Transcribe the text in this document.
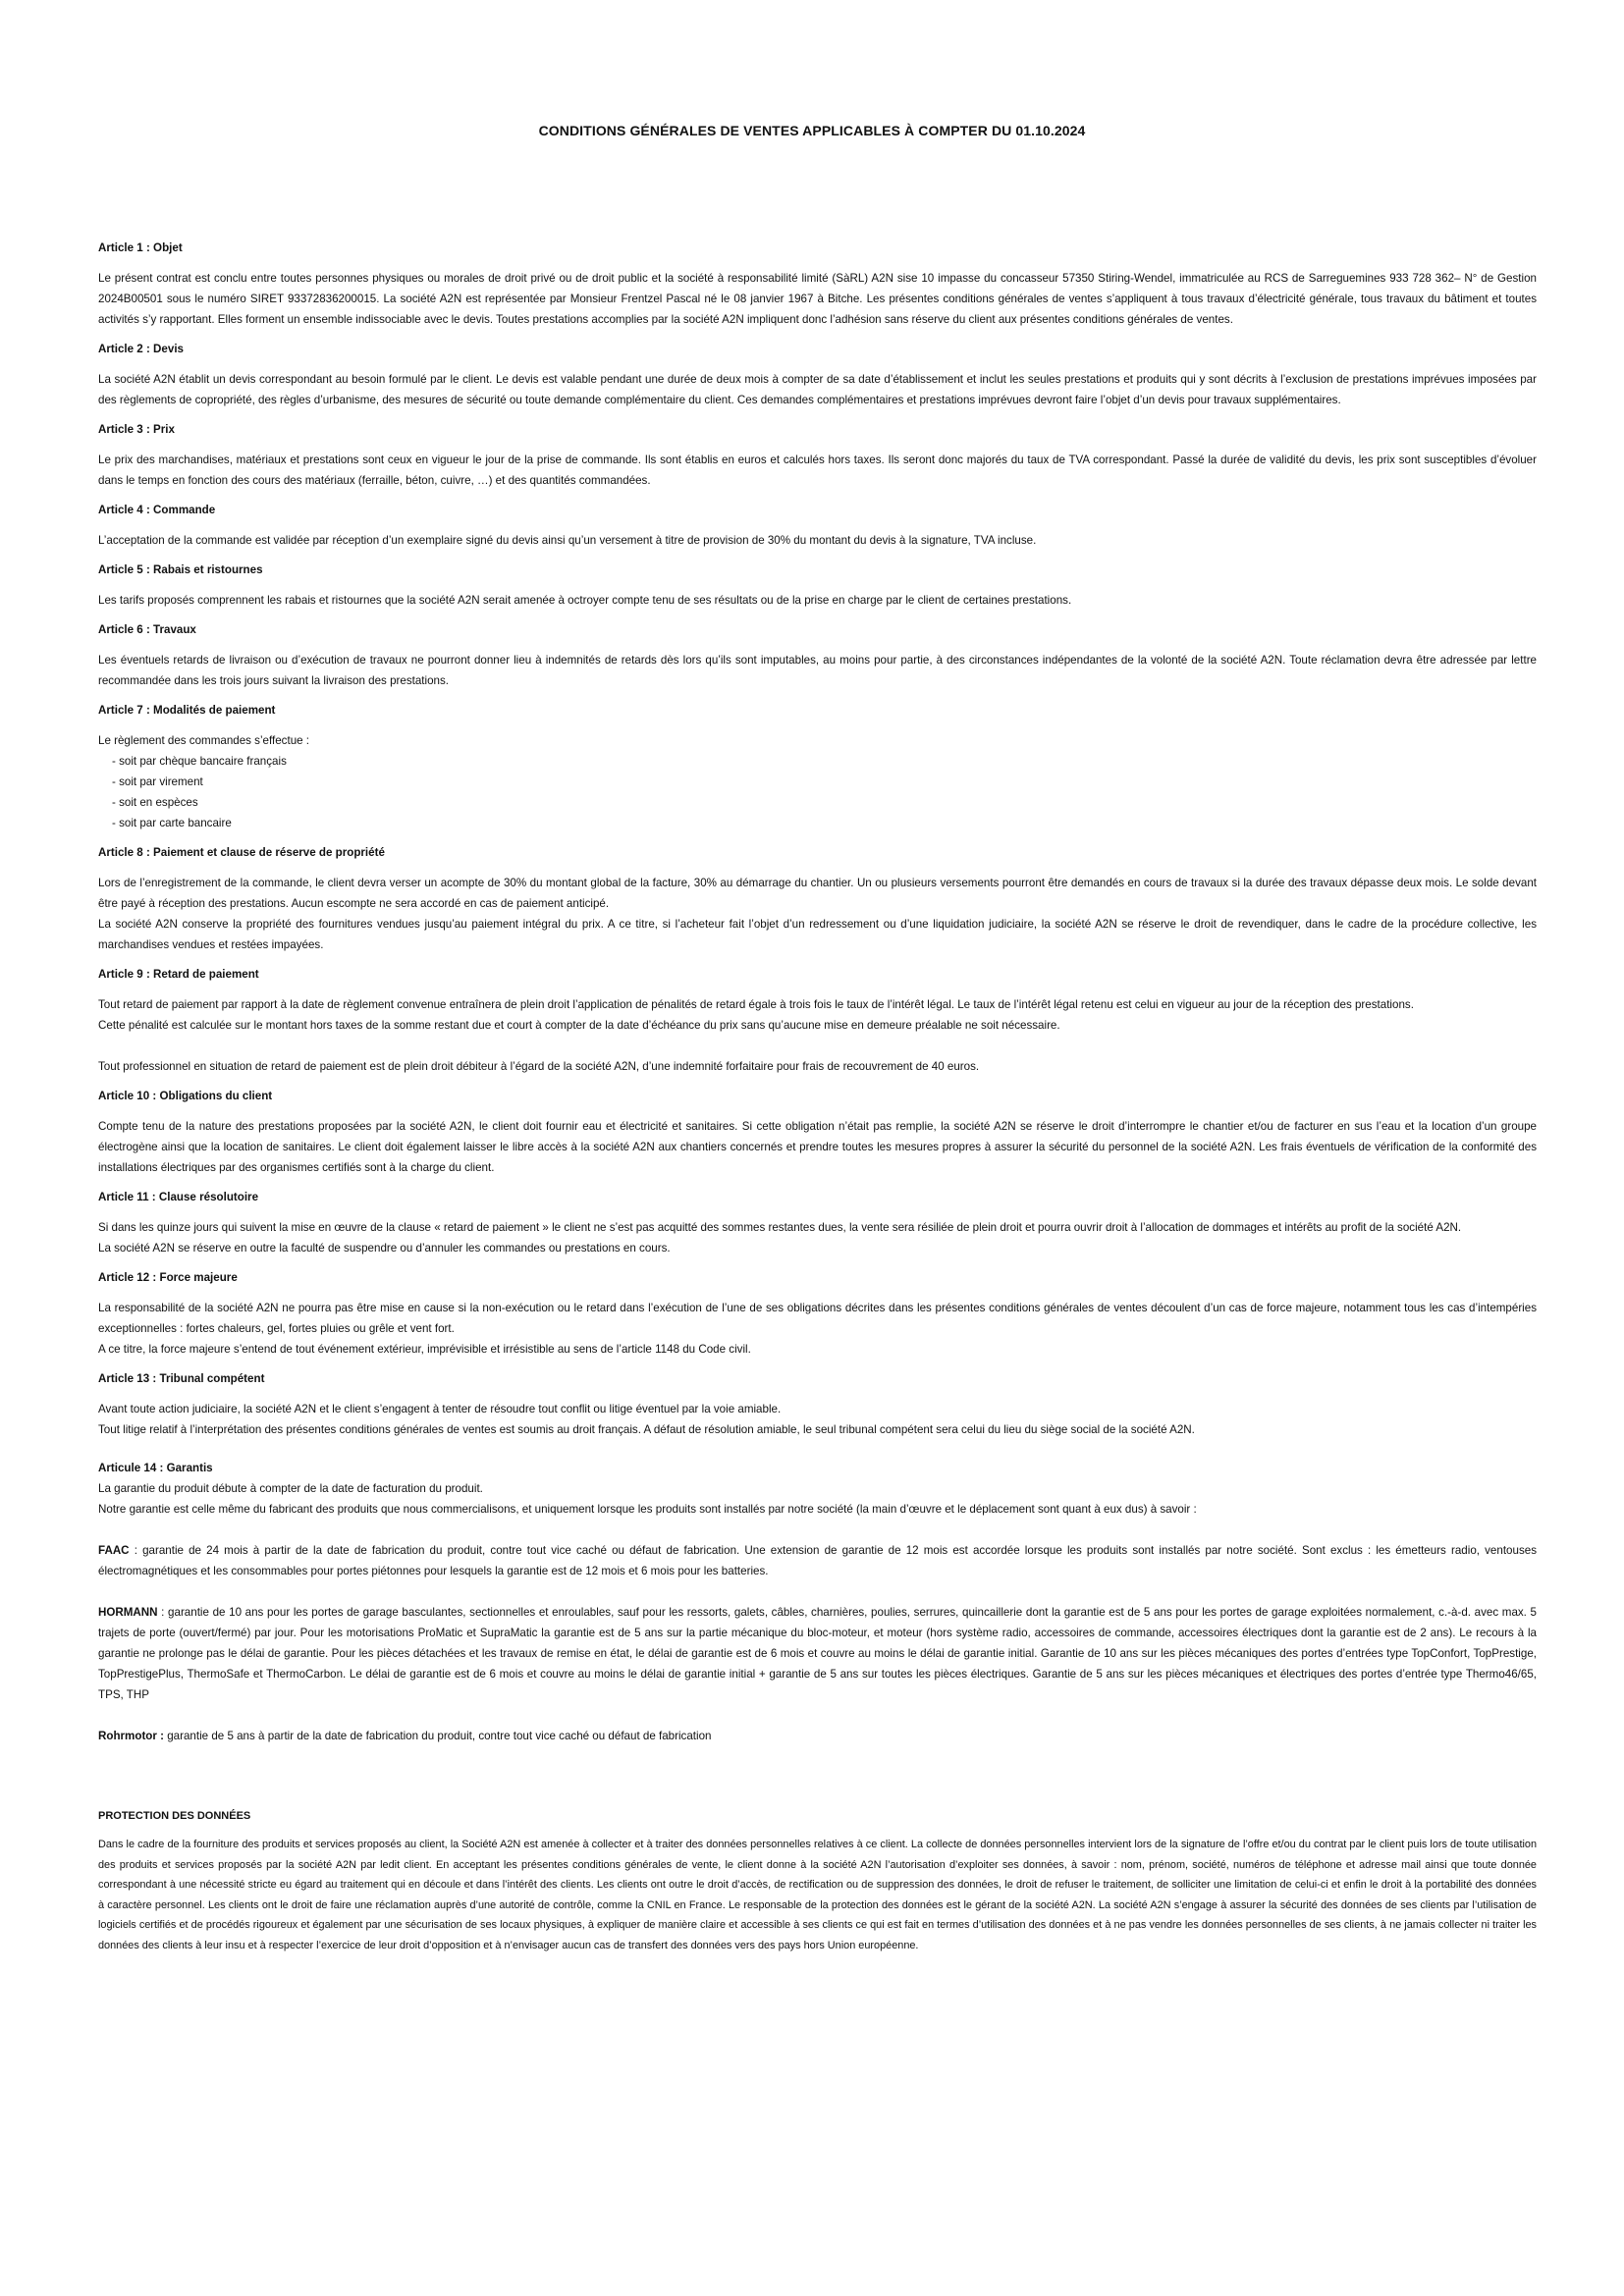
CONDITIONS GÉNÉRALES DE VENTES APPLICABLES À COMPTER DU 01.10.2024

Article 1 : Objet

Le présent contrat est conclu entre toutes personnes physiques ou morales de droit privé ou de droit public et la société à responsabilité limité (SàRL) A2N sise 10 impasse du concasseur 57350 Stiring-Wendel, immatriculée au RCS de Sarreguemines 933 728 362– N° de Gestion 2024B00501 sous le numéro SIRET 93372836200015. La société A2N est représentée par Monsieur Frentzel Pascal né le 08 janvier 1967 à Bitche. Les présentes conditions générales de ventes s’appliquent à tous travaux d’électricité générale, tous travaux du bâtiment et toutes activités s’y rapportant. Elles forment un ensemble indissociable avec le devis. Toutes prestations accomplies par la société A2N impliquent donc l’adhésion sans réserve du client aux présentes conditions générales de ventes.

Article 2 : Devis

La société A2N établit un devis correspondant au besoin formulé par le client. Le devis est valable pendant une durée de deux mois à compter de sa date d’établissement et inclut les seules prestations et produits qui y sont décrits à l’exclusion de prestations imprévues imposées par des règlements de copropriété, des règles d’urbanisme, des mesures de sécurité ou toute demande complémentaire du client. Ces demandes complémentaires et prestations imprévues devront faire l’objet d’un devis pour travaux supplémentaires.

Article 3 : Prix

Le prix des marchandises, matériaux et prestations sont ceux en vigueur le jour de la prise de commande. Ils sont établis en euros et calculés hors taxes. Ils seront donc majorés du taux de TVA correspondant. Passé la durée de validité du devis, les prix sont susceptibles d’évoluer dans le temps en fonction des cours des matériaux (ferraille, béton, cuivre, …) et des quantités commandées.

Article 4 : Commande

L’acceptation de la commande est validée par réception d’un exemplaire signé du devis ainsi qu’un versement à titre de provision de 30% du montant du devis à la signature, TVA incluse.

Article 5 : Rabais et ristournes

Les tarifs proposés comprennent les rabais et ristournes que la société A2N serait amenée à octroyer compte tenu de ses résultats ou de la prise en charge par le client de certaines prestations.

Article 6 : Travaux

Les éventuels retards de livraison ou d’exécution de travaux ne pourront donner lieu à indemnités de retards dès lors qu’ils sont imputables, au moins pour partie, à des circonstances indépendantes de la volonté de la société A2N. Toute réclamation devra être adressée par lettre recommandée dans les trois jours suivant la livraison des prestations.

Article 7 : Modalités de paiement

Le règlement des commandes s’effectue :

- soit par chèque bancaire français

- soit par virement

- soit en espèces

- soit par carte bancaire

Article 8 : Paiement et clause de réserve de propriété

Lors de l’enregistrement de la commande, le client devra verser un acompte de 30% du montant global de la facture, 30% au démarrage du chantier. Un ou plusieurs versements pourront être demandés en cours de travaux si la durée des travaux dépasse deux mois. Le solde devant être payé à réception des prestations. Aucun escompte ne sera accordé en cas de paiement anticipé.

La société A2N conserve la propriété des fournitures vendues jusqu’au paiement intégral du prix. A ce titre, si l’acheteur fait l’objet d’un redressement ou d’une liquidation judiciaire, la société A2N se réserve le droit de revendiquer, dans le cadre de la procédure collective, les marchandises vendues et restées impayées.

Article 9 : Retard de paiement

Tout retard de paiement par rapport à la date de règlement convenue entraînera de plein droit l’application de pénalités de retard égale à trois fois le taux de l’intérêt légal. Le taux de l’intérêt légal retenu est celui en vigueur au jour de la réception des prestations.

Cette pénalité est calculée sur le montant hors taxes de la somme restant due et court à compter de la date d’échéance du prix sans qu’aucune mise en demeure préalable ne soit nécessaire.

Tout professionnel en situation de retard de paiement est de plein droit débiteur à l’égard de la société A2N, d’une indemnité forfaitaire pour frais de recouvrement de 40 euros.

Article 10 : Obligations du client

Compte tenu de la nature des prestations proposées par la société A2N, le client doit fournir eau et électricité et sanitaires. Si cette obligation n’était pas remplie, la société A2N se réserve le droit d’interrompre le chantier et/ou de facturer en sus l’eau et la location d’un groupe électrogène ainsi que la location de sanitaires. Le client doit également laisser le libre accès à la société A2N aux chantiers concernés et prendre toutes les mesures propres à assurer la sécurité du personnel de la société A2N. Les frais éventuels de vérification de la conformité des installations électriques par des organismes certifiés sont à la charge du client.

Article 11 : Clause résolutoire

Si dans les quinze jours qui suivent la mise en œuvre de la clause « retard de paiement » le client ne s’est pas acquitté des sommes restantes dues, la vente sera résiliée de plein droit et pourra ouvrir droit à l’allocation de dommages et intérêts au profit de la société A2N.

La société A2N se réserve en outre la faculté de suspendre ou d’annuler les commandes ou prestations en cours.

Article 12 : Force majeure

La responsabilité de la société A2N ne pourra pas être mise en cause si la non-exécution ou le retard dans l’exécution de l’une de ses obligations décrites dans les présentes conditions générales de ventes découlent d’un cas de force majeure, notamment tous les cas d’intempéries exceptionnelles : fortes chaleurs, gel, fortes pluies ou grêle et vent fort.

A ce titre, la force majeure s’entend de tout événement extérieur, imprévisible et irrésistible au sens de l’article 1148 du Code civil.

Article 13 : Tribunal compétent

Avant toute action judiciaire, la société A2N et le client s’engagent à tenter de résoudre tout conflit ou litige éventuel par la voie amiable.

Tout litige relatif à l’interprétation des présentes conditions générales de ventes est soumis au droit français. A défaut de résolution amiable, le seul tribunal compétent sera celui du lieu du siège social de la société A2N.

Articule 14 : Garantis

La garantie du produit débute à compter de la date de facturation du produit.

Notre garantie est celle même du fabricant des produits que nous commercialisons, et uniquement lorsque les produits sont installés par notre société (la main d’œuvre et le déplacement sont quant à eux dus) à savoir :

FAAC : garantie de 24 mois à partir de la date de fabrication du produit, contre tout vice caché ou défaut de fabrication. Une extension de garantie de 12 mois est accordée lorsque les produits sont installés par notre société. Sont exclus : les émetteurs radio, ventouses électromagnétiques et les consommables pour portes piétonnes pour lesquels la garantie est de 12 mois et 6 mois pour les batteries.

HORMANN : garantie de 10 ans pour les portes de garage basculantes, sectionnelles et enroulables, sauf pour les ressorts, galets, câbles, charnières, poulies, serrures, quincaillerie dont la garantie est de 5 ans pour les portes de garage exploitées normalement, c.-à-d. avec max. 5 trajets de porte (ouvert/fermé) par jour. Pour les motorisations ProMatic et SupraMatic la garantie est de 5 ans sur la partie mécanique du bloc-moteur, et moteur (hors système radio, accessoires de commande, accessoires électriques dont la garantie est de 2 ans). Le recours à la garantie ne prolonge pas le délai de garantie. Pour les pièces détachées et les travaux de remise en état, le délai de garantie est de 6 mois et couvre au moins le délai de garantie initial. Garantie de 10 ans sur les pièces mécaniques des portes d’entrées type TopConfort, TopPrestige, TopPrestigePlus, ThermoSafe et ThermoCarbon. Le délai de garantie est de 6 mois et couvre au moins le délai de garantie initial + garantie de 5 ans sur toutes les pièces électriques. Garantie de 5 ans sur les pièces mécaniques et électriques des portes d’entrée type Thermo46/65, TPS, THP

Rohrmotor : garantie de 5 ans à partir de la date de fabrication du produit, contre tout vice caché ou défaut de fabrication

PROTECTION DES DONNÉES

Dans le cadre de la fourniture des produits et services proposés au client, la Société A2N est amenée à collecter et à traiter des données personnelles relatives à ce client. La collecte de données personnelles intervient lors de la signature de l’offre et/ou du contrat par le client puis lors de toute utilisation des produits et services proposés par la société A2N par ledit client. En acceptant les présentes conditions générales de vente, le client donne à la société A2N l’autorisation d’exploiter ses données, à savoir : nom, prénom, société, numéros de téléphone et adresse mail ainsi que toute donnée correspondant à une nécessité stricte eu égard au traitement qui en découle et dans l’intérêt des clients. Les clients ont outre le droit d’accès, de rectification ou de suppression des données, le droit de refuser le traitement, de solliciter une limitation de celui-ci et enfin le droit à la portabilité des données à caractère personnel. Les clients ont le droit de faire une réclamation auprès d’une autorité de contrôle, comme la CNIL en France. Le responsable de la protection des données est le gérant de la société A2N. La société A2N s’engage à assurer la sécurité des données de ses clients par l’utilisation de logiciels certifiés et de procédés rigoureux et également par une sécurisation de ses locaux physiques, à expliquer de manière claire et accessible à ses clients ce qui est fait en termes d’utilisation des données et à ne pas vendre les données personnelles de ses clients, à ne jamais collecter ni traiter les données des clients à leur insu et à respecter l’exercice de leur droit d’opposition et à n’envisager aucun cas de transfert des données vers des pays hors Union européenne.
